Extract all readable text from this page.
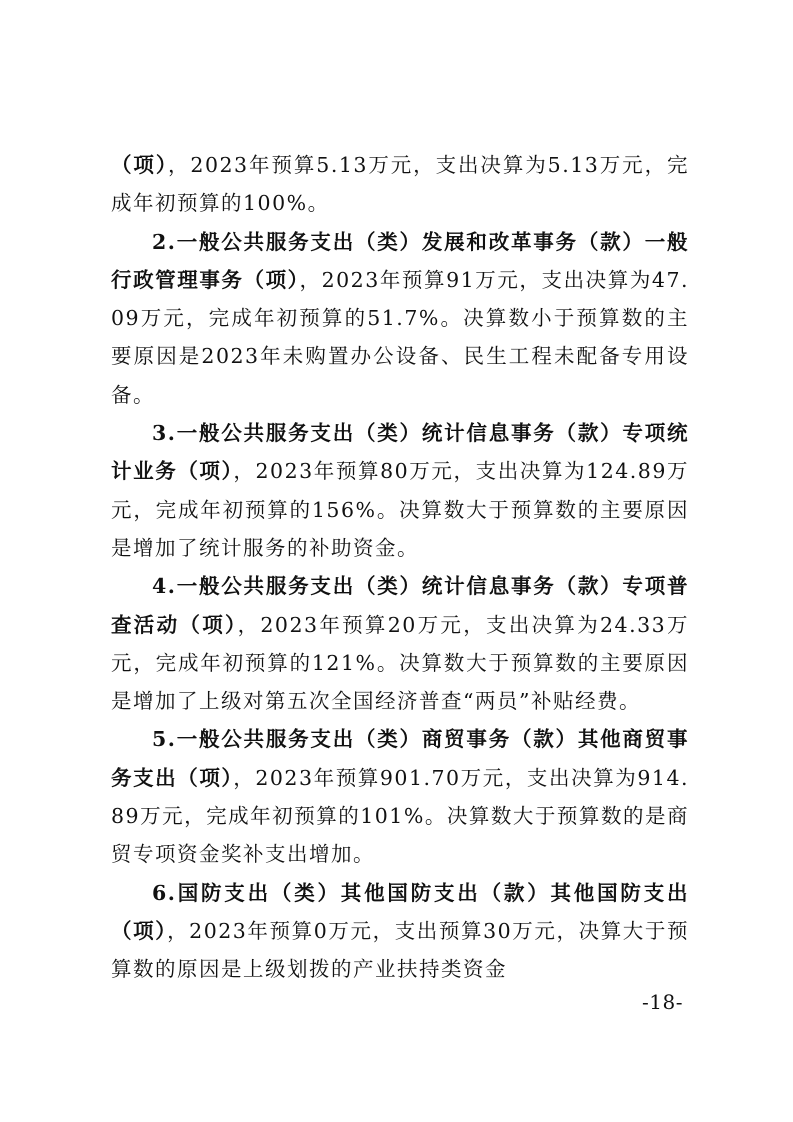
（项），2023年预算5.13万元，支出决算为5.13万元，完成年初预算的100%。

2.一般公共服务支出（类）发展和改革事务（款）一般行政管理事务（项），2023年预算91万元，支出决算为47.09万元，完成年初预算的51.7%。决算数小于预算数的主要原因是2023年未购置办公设备、民生工程未配备专用设备。

3.一般公共服务支出（类）统计信息事务（款）专项统计业务（项），2023年预算80万元，支出决算为124.89万元，完成年初预算的156%。决算数大于预算数的主要原因是增加了统计服务的补助资金。

4.一般公共服务支出（类）统计信息事务（款）专项普查活动（项），2023年预算20万元，支出决算为24.33万元，完成年初预算的121%。决算数大于预算数的主要原因是增加了上级对第五次全国经济普查“两员”补贴经费。

5.一般公共服务支出（类）商贸事务（款）其他商贸事务支出（项），2023年预算901.70万元，支出决算为914.89万元，完成年初预算的101%。决算数大于预算数的是商贸专项资金奖补支出增加。

6.国防支出（类）其他国防支出（款）其他国防支出（项），2023年预算0万元，支出预算30万元，决算大于预算数的原因是上级划拨的产业扶持类资金

-18-
